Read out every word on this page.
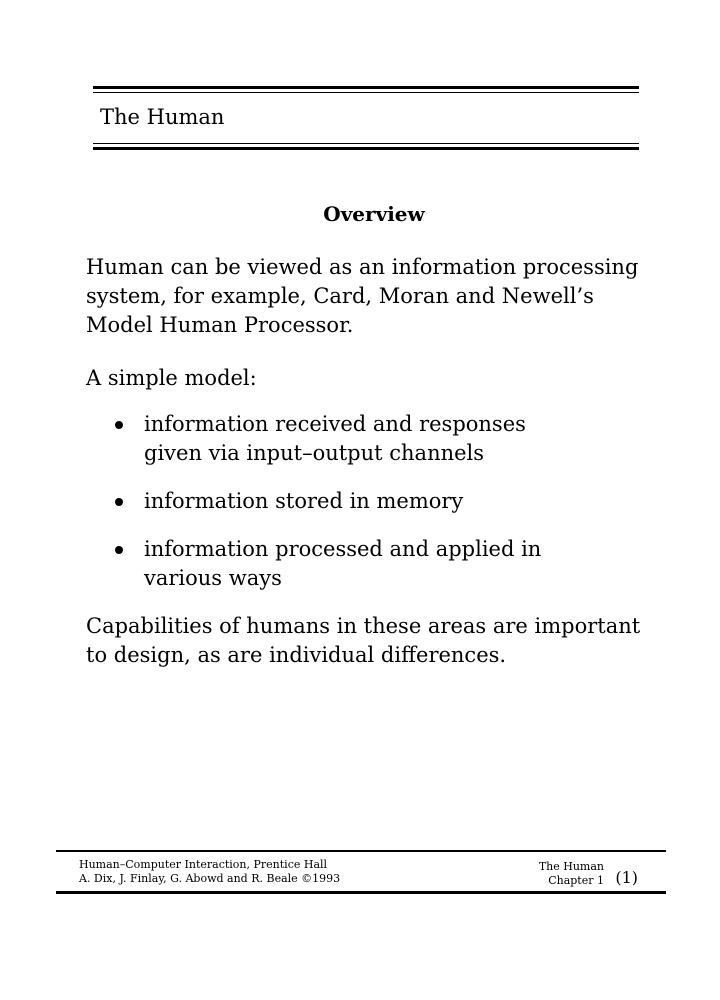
The Human
Overview

Human can be viewed as an information processing system, for example, Card, Moran and Newell’s Model Human Processor.

A simple model:

information received and responses given via input–output channels
information stored in memory
information processed and applied in various ways

Capabilities of humans in these areas are important to design, as are individual differences.

Human–Computer Interaction, Prentice Hall
A. Dix, J. Finlay, G. Abowd and R. Beale ©1993
The Human
Chapter 1 (1)
